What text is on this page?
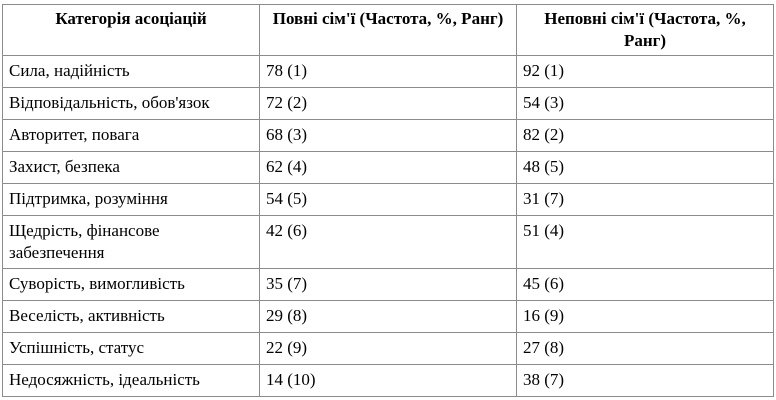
Категорія асоціацій	Повні сім'ї (Частота, %, Ранг)	Неповні сім'ї (Частота, %, Ранг)
Сила, надійність	78 (1)	92 (1)
Відповідальність, обов'язок	72 (2)	54 (3)
Авторитет, повага	68 (3)	82 (2)
Захист, безпека	62 (4)	48 (5)
Підтримка, розуміння	54 (5)	31 (7)
Щедрість, фінансове забезпечення	42 (6)	51 (4)
Суворість, вимогливість	35 (7)	45 (6)
Веселість, активність	29 (8)	16 (9)
Успішність, статус	22 (9)	27 (8)
Недосяжність, ідеальність	14 (10)	38 (7)
